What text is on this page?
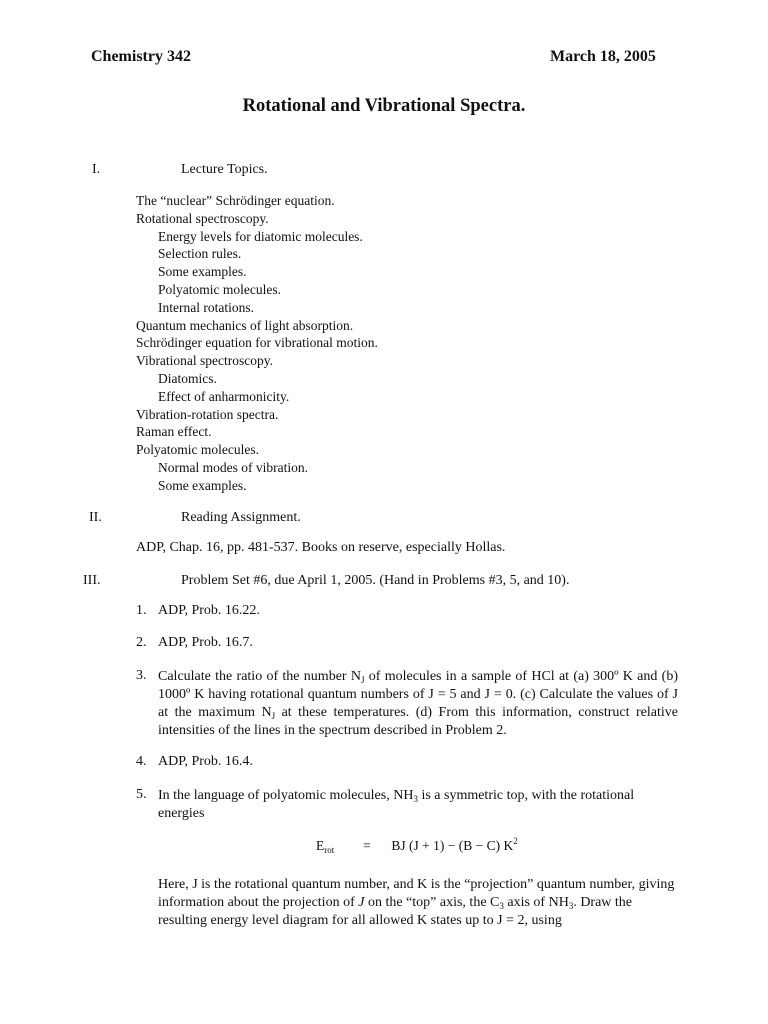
Chemistry 342	March 18, 2005
Rotational and Vibrational Spectra.
I.	Lecture Topics.
The “nuclear” Schrödinger equation.
Rotational spectroscopy.
Energy levels for diatomic molecules.
Selection rules.
Some examples.
Polyatomic molecules.
Internal rotations.
Quantum mechanics of light absorption.
Schrödinger equation for vibrational motion.
Vibrational spectroscopy.
Diatomics.
Effect of anharmonicity.
Vibration-rotation spectra.
Raman effect.
Polyatomic molecules.
Normal modes of vibration.
Some examples.
II.	Reading Assignment.
ADP, Chap. 16, pp. 481-537. Books on reserve, especially Hollas.
III.	Problem Set #6, due April 1, 2005. (Hand in Problems #3, 5, and 10).
1. ADP, Prob. 16.22.
2. ADP, Prob. 16.7.
3. Calculate the ratio of the number $N_J$ of molecules in a sample of HCl at (a) 300º K and (b) 1000º K having rotational quantum numbers of J = 5 and J = 0. (c) Calculate the values of J at the maximum $N_J$ at these temperatures. (d) From this information, construct relative intensities of the lines in the spectrum described in Problem 2.
4. ADP, Prob. 16.4.
5. In the language of polyatomic molecules, $NH_3$ is a symmetric top, with the rotational energies
$E_{rot}$ = BJ (J + 1) − (B − C) $K^2$
Here, J is the rotational quantum number, and K is the “projection” quantum number, giving information about the projection of J on the “top” axis, the $C_3$ axis of $NH_3$. Draw the resulting energy level diagram for all allowed K states up to J = 2, using
